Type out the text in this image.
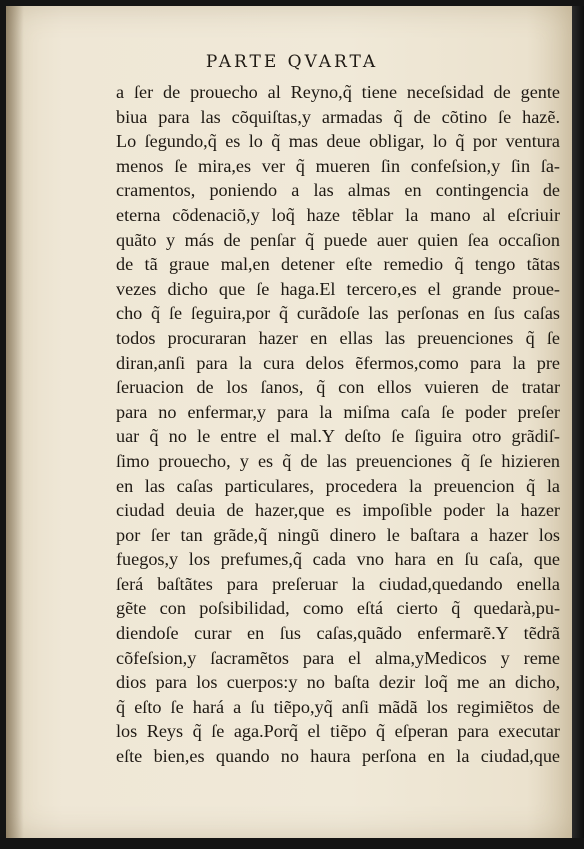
PARTE QVARTA
a ſer de prouecho al Reyno,q̃ tiene neceſsidad de gente
biua para las cõquiſtas,y armadas q̃ de cõtino ſe hazẽ.
Lo ſegundo,q̃ es lo q̃ mas deue obligar, lo q̃ por ventura
menos ſe mira,es ver q̃ mueren ſin confeſsion,y ſin ſa-
cramentos, poniendo a las almas en contingencia de
eterna cõdenaciõ,y loq̃ haze tẽblar la mano al eſcriuir
quãto y más de penſar q̃ puede auer quien ſea occaſion
de tã graue mal,en detener eſte remedio q̃ tengo tãtas
vezes dicho que ſe haga.El tercero,es el grande proue-
cho q̃ ſe ſeguira,por q̃ curãdoſe las perſonas en ſus caſas
todos procuraran hazer en ellas las preuenciones q̃ ſe
diran,anſi para la cura delos ẽfermos,como para la pre
ſeruacion de los ſanos, q̃ con ellos vuieren de tratar
para no enfermar,y para la miſma caſa ſe poder preſer
uar q̃ no le entre el mal.Y deſto ſe ſiguira otro grãdiſ-
ſimo prouecho, y es q̃ de las preuenciones q̃ ſe hizieren
en las caſas particulares, procedera la preuencion q̃ la
ciudad deuia de hazer,que es impoſible poder la hazer
por ſer tan grãde,q̃ ningũ dinero le baſtara a hazer los
fuegos,y los prefumes,q̃ cada vno hara en ſu caſa, que
ſerá baſtãtes para preſeruar la ciudad,quedando enella
gẽte con poſsibilidad, como eſtá cierto q̃ quedarà,pu-
diendoſe curar en ſus caſas,quãdo enfermarẽ.Y tẽdrã
cõfeſsion,y ſacramẽtos para el alma,yMedicos y reme
dios para los cuerpos:y no baſta dezir loq̃ me an dicho,
q̃ eſto ſe hará a ſu tiẽpo,yq̃ anſi mãdã los regimiẽtos de
los Reys q̃ ſe aga.Porq̃ el tiẽpo q̃ eſperan para executar
eſte bien,es quando no haura perſona en la ciudad,que
